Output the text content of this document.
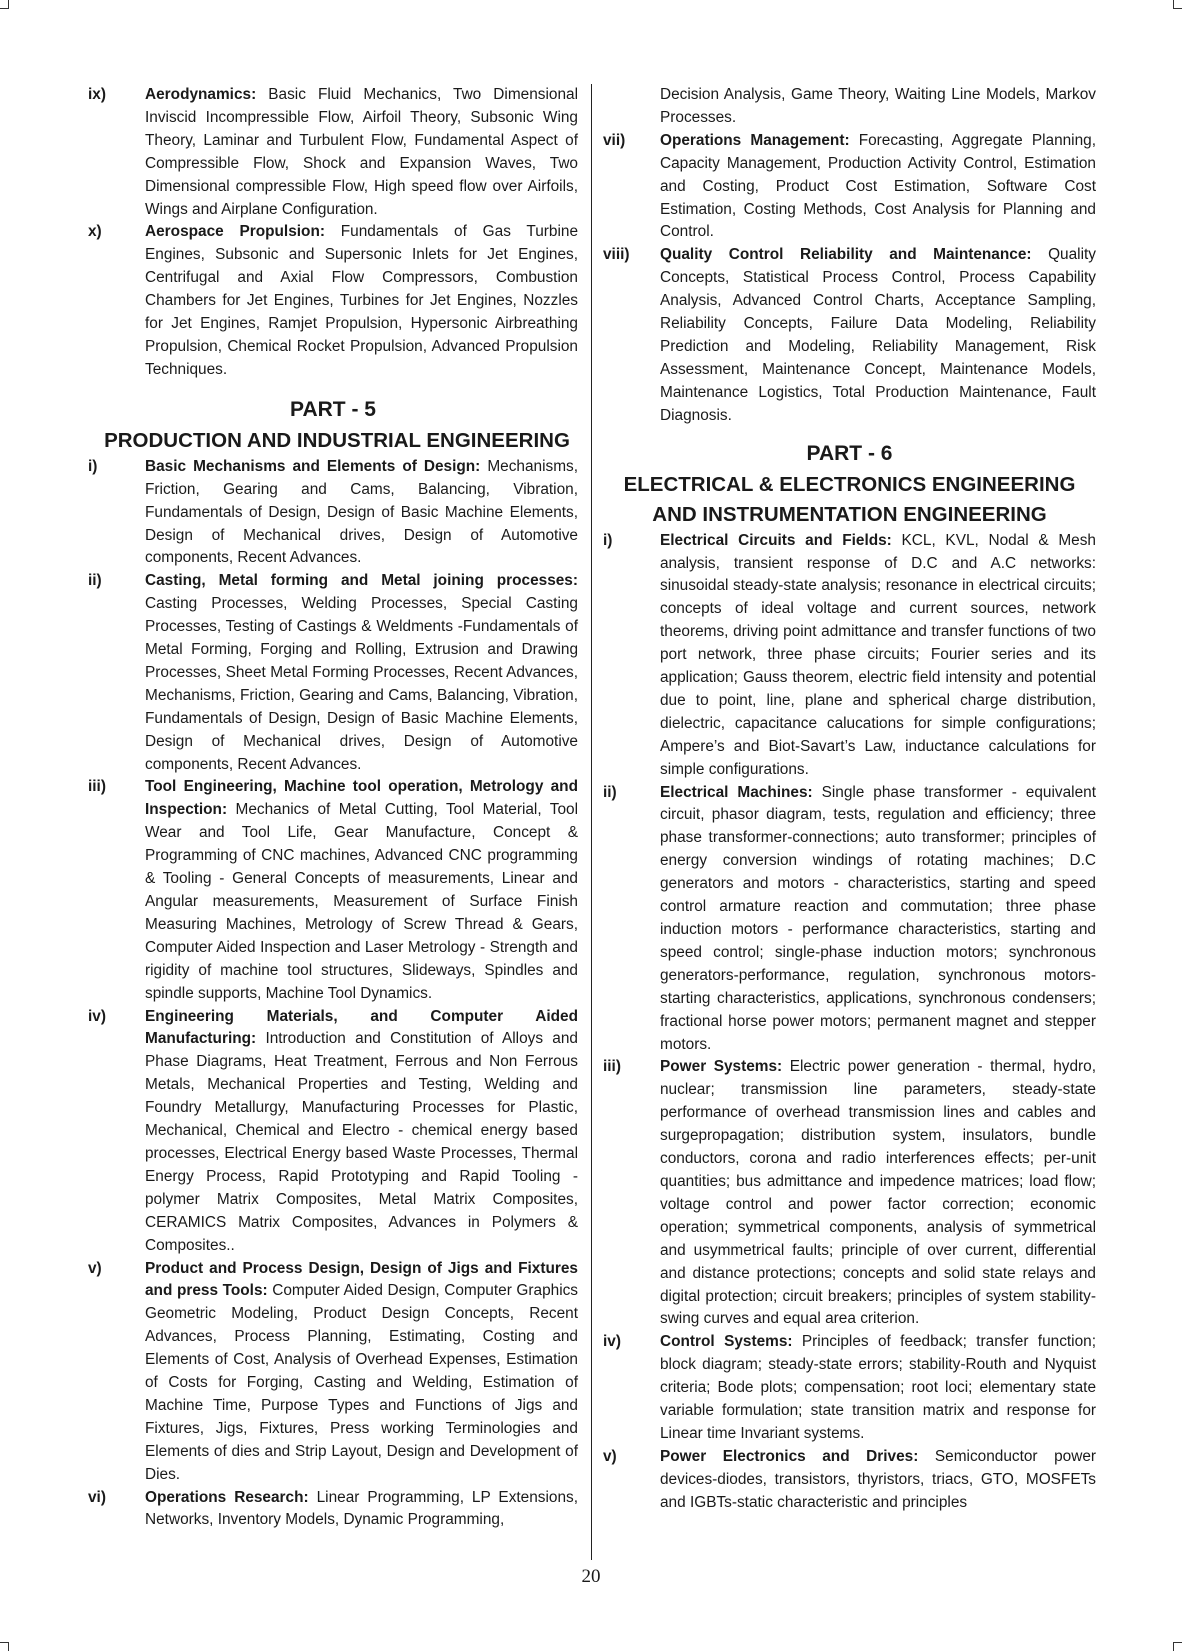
ix)	Aerodynamics: Basic Fluid Mechanics, Two Dimensional Inviscid Incompressible Flow, Airfoil Theory, Subsonic Wing Theory, Laminar and Turbulent Flow, Fundamental Aspect of Compressible Flow, Shock and Expansion Waves, Two Dimensional compressible Flow, High speed flow over Airfoils, Wings and Airplane Configuration.
x)	Aerospace Propulsion: Fundamentals of Gas Turbine Engines, Subsonic and Supersonic Inlets for Jet Engines, Centrifugal and Axial Flow Compressors, Combustion Chambers for Jet Engines, Turbines for Jet Engines, Nozzles for Jet Engines, Ramjet Propulsion, Hypersonic Airbreathing Propulsion, Chemical Rocket Propulsion, Advanced Propulsion Techniques.
PART - 5
PRODUCTION AND INDUSTRIAL ENGINEERING
i)	Basic Mechanisms and Elements of Design: Mechanisms, Friction, Gearing and Cams, Balancing, Vibration, Fundamentals of Design, Design of Basic Machine Elements, Design of Mechanical drives, Design of Automotive components, Recent Advances.
ii)	Casting, Metal forming and Metal joining processes: Casting Processes, Welding Processes, Special Casting Processes, Testing of Castings & Weldments -Fundamentals of Metal Forming, Forging and Rolling, Extrusion and Drawing Processes, Sheet Metal Forming Processes, Recent Advances, Mechanisms, Friction, Gearing and Cams, Balancing, Vibration, Fundamentals of Design, Design of Basic Machine Elements, Design of Mechanical drives, Design of Automotive components, Recent Advances.
iii)	Tool Engineering, Machine tool operation, Metrology and Inspection: Mechanics of Metal Cutting, Tool Material, Tool Wear and Tool Life, Gear Manufacture, Concept & Programming of CNC machines, Advanced CNC programming & Tooling - General Concepts of measurements, Linear and Angular measurements, Measurement of Surface Finish Measuring Machines, Metrology of Screw Thread & Gears, Computer Aided Inspection and Laser Metrology - Strength and rigidity of machine tool structures, Slideways, Spindles and spindle supports, Machine Tool Dynamics.
iv)	Engineering Materials, and Computer Aided Manufacturing: Introduction and Constitution of Alloys and Phase Diagrams, Heat Treatment, Ferrous and Non Ferrous Metals, Mechanical Properties and Testing, Welding and Foundry Metallurgy, Manufacturing Processes for Plastic, Mechanical, Chemical and Electro - chemical energy based processes, Electrical Energy based Waste Processes, Thermal Energy Process, Rapid Prototyping and Rapid Tooling - polymer Matrix Composites, Metal Matrix Composites, CERAMICS Matrix Composites, Advances in Polymers & Composites..
v)	Product and Process Design, Design of Jigs and Fixtures and press Tools: Computer Aided Design, Computer Graphics Geometric Modeling, Product Design Concepts, Recent Advances, Process Planning, Estimating, Costing and Elements of Cost, Analysis of Overhead Expenses, Estimation of Costs for Forging, Casting and Welding, Estimation of Machine Time, Purpose Types and Functions of Jigs and Fixtures, Jigs, Fixtures, Press working Terminologies and Elements of dies and Strip Layout, Design and Development of Dies.
vi)	Operations Research: Linear Programming, LP Extensions, Networks, Inventory Models, Dynamic Programming,
Decision Analysis, Game Theory, Waiting Line Models, Markov Processes.
vii) Operations Management: Forecasting, Aggregate Planning, Capacity Management, Production Activity Control, Estimation and Costing, Product Cost Estimation, Software Cost Estimation, Costing Methods, Cost Analysis for Planning and Control.
viii) Quality Control Reliability and Maintenance: Quality Concepts, Statistical Process Control, Process Capability Analysis, Advanced Control Charts, Acceptance Sampling, Reliability Concepts, Failure Data Modeling, Reliability Prediction and Modeling, Reliability Management, Risk Assessment, Maintenance Concept, Maintenance Models, Maintenance Logistics, Total Production Maintenance, Fault Diagnosis.
PART - 6
ELECTRICAL & ELECTRONICS ENGINEERING
AND INSTRUMENTATION ENGINEERING
i)	Electrical Circuits and Fields: KCL, KVL, Nodal & Mesh analysis, transient response of D.C and A.C networks: sinusoidal steady-state analysis; resonance in electrical circuits; concepts of ideal voltage and current sources, network theorems, driving point admittance and transfer functions of two port network, three phase circuits; Fourier series and its application; Gauss theorem, electric field intensity and potential due to point, line, plane and spherical charge distribution, dielectric, capacitance calucations for simple configurations; Ampere’s and Biot-Savart’s Law, inductance calculations for simple configurations.
ii)	Electrical Machines: Single phase transformer - equivalent circuit, phasor diagram, tests, regulation and efficiency; three phase transformer-connections; auto transformer; principles of energy conversion windings of rotating machines; D.C generators and motors - characteristics, starting and speed control armature reaction and commutation; three phase induction motors - performance characteristics, starting and speed control; single-phase induction motors; synchronous generators-performance, regulation, synchronous motors-starting characteristics, applications, synchronous condensers; fractional horse power motors; permanent magnet and stepper motors.
iii)	Power Systems: Electric power generation - thermal, hydro, nuclear; transmission line parameters, steady-state performance of overhead transmission lines and cables and surgepropagation; distribution system, insulators, bundle conductors, corona and radio interferences effects; per-unit quantities; bus admittance and impedence matrices; load flow; voltage control and power factor correction; economic operation; symmetrical components, analysis of symmetrical and usymmetrical faults; principle of over current, differential and distance protections; concepts and solid state relays and digital protection; circuit breakers; principles of system stability-swing curves and equal area criterion.
iv)	Control Systems: Principles of feedback; transfer function; block diagram; steady-state errors; stability-Routh and Nyquist criteria; Bode plots; compensation; root loci; elementary state variable formulation; state transition matrix and response for Linear time Invariant systems.
v)	Power Electronics and Drives: Semiconductor power devices-diodes, transistors, thyristors, triacs, GTO, MOSFETs and IGBTs-static characteristic and principles
20
